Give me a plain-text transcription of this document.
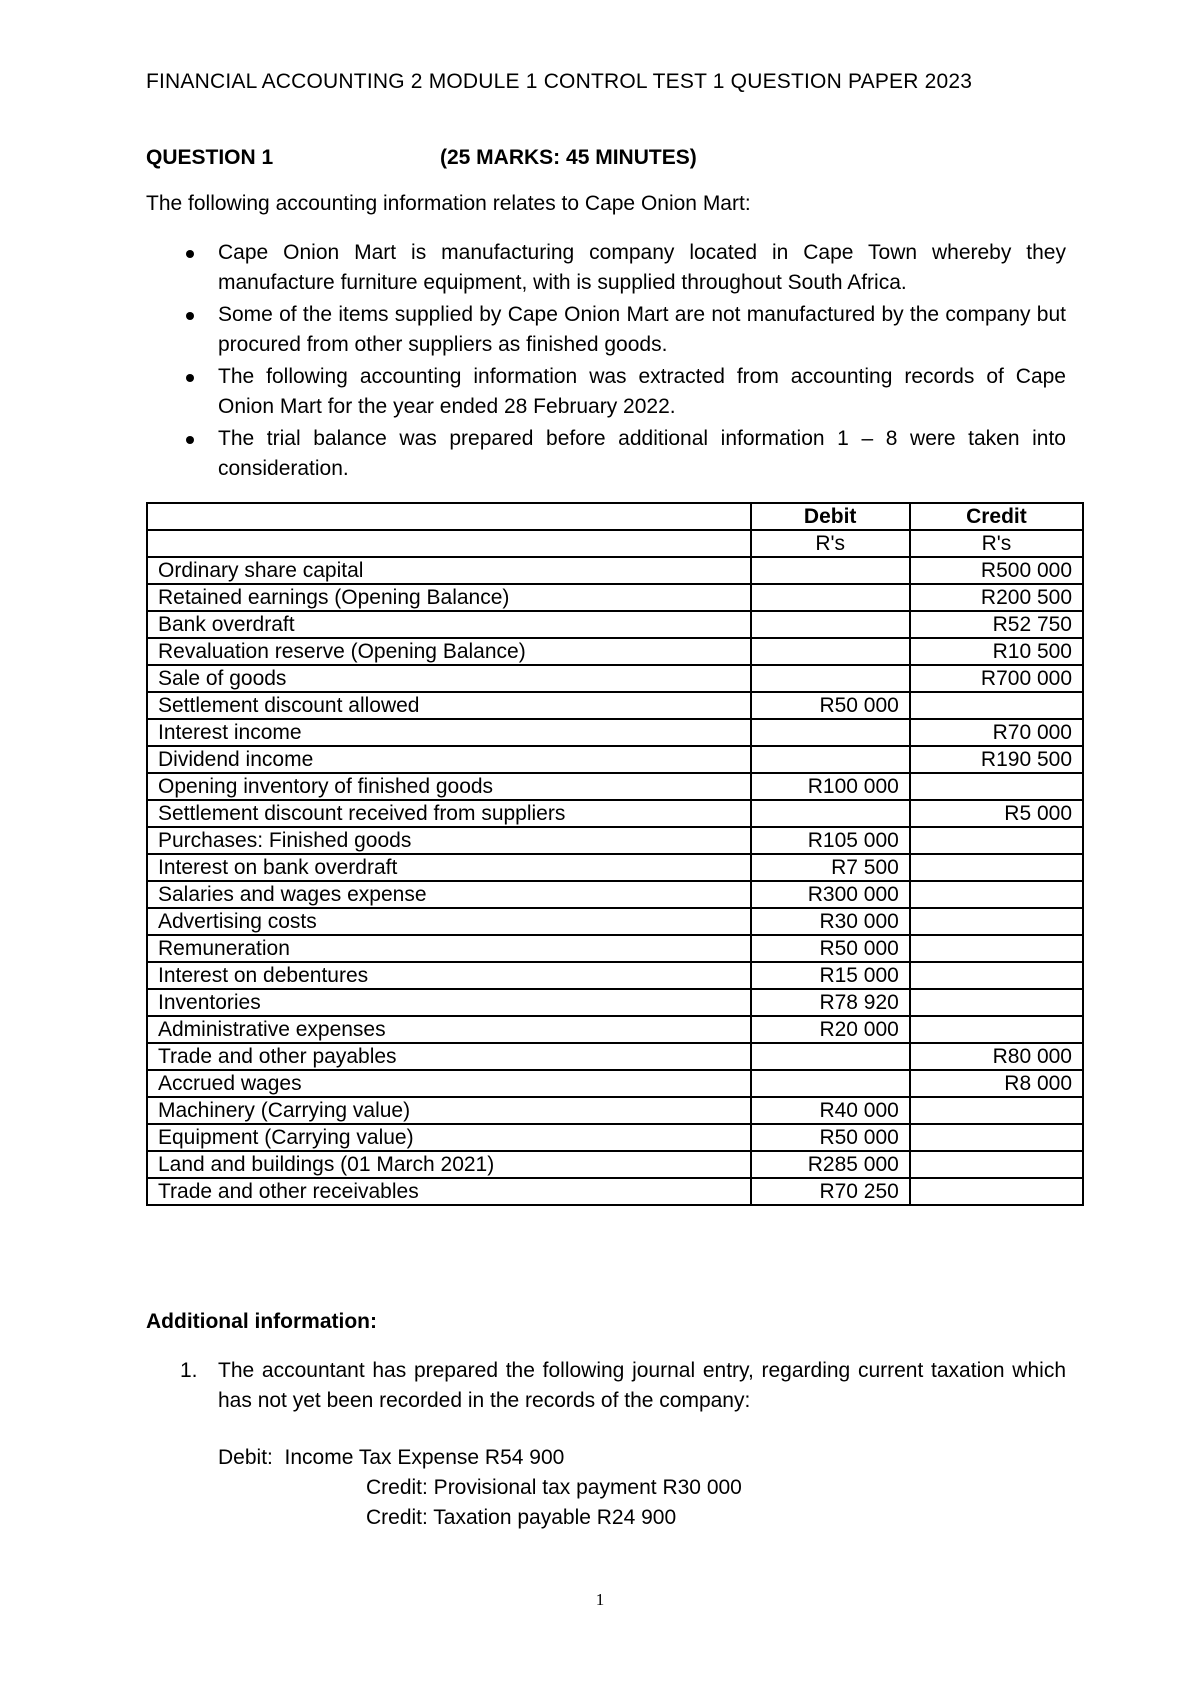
FINANCIAL ACCOUNTING 2 MODULE 1 CONTROL TEST 1 QUESTION PAPER 2023
QUESTION 1	(25 MARKS: 45 MINUTES)
The following accounting information relates to Cape Onion Mart:
Cape Onion Mart is manufacturing company located in Cape Town whereby they manufacture furniture equipment, with is supplied throughout South Africa.
Some of the items supplied by Cape Onion Mart are not manufactured by the company but procured from other suppliers as finished goods.
The following accounting information was extracted from accounting records of Cape Onion Mart for the year ended 28 February 2022.
The trial balance was prepared before additional information 1 – 8 were taken into consideration.
	Debit	Credit
	R's	R's
Ordinary share capital		R500 000
Retained earnings (Opening Balance)		R200 500
Bank overdraft		R52 750
Revaluation reserve (Opening Balance)		R10 500
Sale of goods		R700 000
Settlement discount allowed	R50 000	
Interest income		R70 000
Dividend income		R190 500
Opening inventory of finished goods	R100 000	
Settlement discount received from suppliers		R5 000
Purchases: Finished goods	R105 000	
Interest on bank overdraft	R7 500	
Salaries and wages expense	R300 000	
Advertising costs	R30 000	
Remuneration	R50 000	
Interest on debentures	R15 000	
Inventories	R78 920	
Administrative expenses	R20 000	
Trade and other payables		R80 000
Accrued wages		R8 000
Machinery (Carrying value)	R40 000	
Equipment (Carrying value)	R50 000	
Land and buildings (01 March 2021)	R285 000	
Trade and other receivables	R70 250	
Additional information:
1. The accountant has prepared the following journal entry, regarding current taxation which has not yet been recorded in the records of the company:
Debit:  Income Tax Expense R54 900
Credit: Provisional tax payment R30 000
Credit: Taxation payable R24 900
1
